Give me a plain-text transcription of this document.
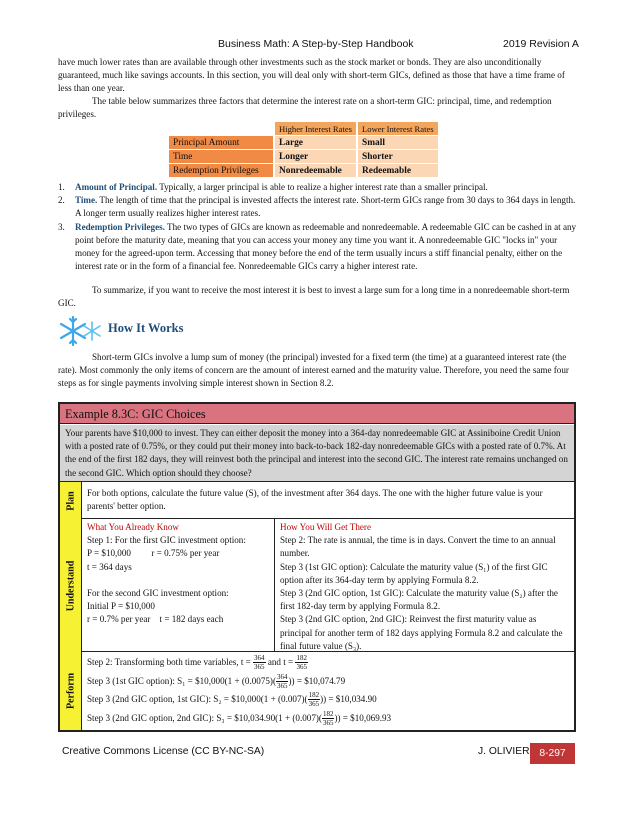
Business Math: A Step-by-Step Handbook	2019 Revision A
have much lower rates than are available through other investments such as the stock market or bonds. They are also unconditionally guaranteed, much like savings accounts. In this section, you will deal only with short-term GICs, defined as those that have a time frame of less than one year.
The table below summarizes three factors that determine the interest rate on a short-term GIC: principal, time, and redemption privileges.
	Higher Interest Rates	Lower Interest Rates
Principal Amount	Large	Small
Time	Longer	Shorter
Redemption Privileges	Nonredeemable	Redeemable
1. Amount of Principal. Typically, a larger principal is able to realize a higher interest rate than a smaller principal.
2. Time. The length of time that the principal is invested affects the interest rate. Short-term GICs range from 30 days to 364 days in length. A longer term usually realizes higher interest rates.
3. Redemption Privileges. The two types of GICs are known as redeemable and nonredeemable. A redeemable GIC can be cashed in at any point before the maturity date, meaning that you can access your money any time you want it. A nonredeemable GIC "locks in" your money for the agreed-upon term. Accessing that money before the end of the term usually incurs a stiff financial penalty, either on the interest rate or in the form of a financial fee. Nonredeemable GICs carry a higher interest rate.
To summarize, if you want to receive the most interest it is best to invest a large sum for a long time in a nonredeemable short-term GIC.
How It Works
Short-term GICs involve a lump sum of money (the principal) invested for a fixed term (the time) at a guaranteed interest rate (the rate). Most commonly the only items of concern are the amount of interest earned and the maturity value. Therefore, you need the same four steps as for single payments involving simple interest shown in Section 8.2.
Example 8.3C: GIC Choices
Your parents have $10,000 to invest. They can either deposit the money into a 364-day nonredeemable GIC at Assiniboine Credit Union with a posted rate of 0.75%, or they could put their money into back-to-back 182-day nonredeemable GICs with a posted rate of 0.7%. At the end of the first 182 days, they will reinvest both the principal and interest into the second GIC. The interest rate remains unchanged on the second GIC. Which option should they choose?
Plan	For both options, calculate the future value (S), of the investment after 364 days. The one with the higher future value is your parents' better option.
Understand
What You Already Know
Step 1: For the first GIC investment option:
P = $10,000         r = 0.75% per year
t = 364 days
For the second GIC investment option:
Initial P = $10,000
r = 0.7% per year    t = 182 days each
How You Will Get There
Step 2: The rate is annual, the time is in days. Convert the time to an annual number.
Step 3 (1st GIC option): Calculate the maturity value (S₁) of the first GIC option after its 364-day term by applying Formula 8.2.
Step 3 (2nd GIC option, 1st GIC): Calculate the maturity value (S₂) after the first 182-day term by applying Formula 8.2.
Step 3 (2nd GIC option, 2nd GIC): Reinvest the first maturity value as principal for another term of 182 days applying Formula 8.2 and calculate the final future value (S₃).
Perform
Step 2: Transforming both time variables, $t = \frac{364}{365}$ and $t = \frac{182}{365}$
Step 3 (1st GIC option): S₁ = $10,000(1 + $(0.0075)( \frac{364}{365}$ )) = $10,074.79
Step 3 (2nd GIC option, 1st GIC): S₂ = $10,000(1 + $(0.007)( \frac{182}{365}$ )) = $10,034.90
Step 3 (2nd GIC option, 2nd GIC): S₃ = $10,034.90(1 + $(0.007)( \frac{182}{365}$ )) = $10,069.93
Creative Commons License (CC BY-NC-SA)	J. OLIVIER 8-297
